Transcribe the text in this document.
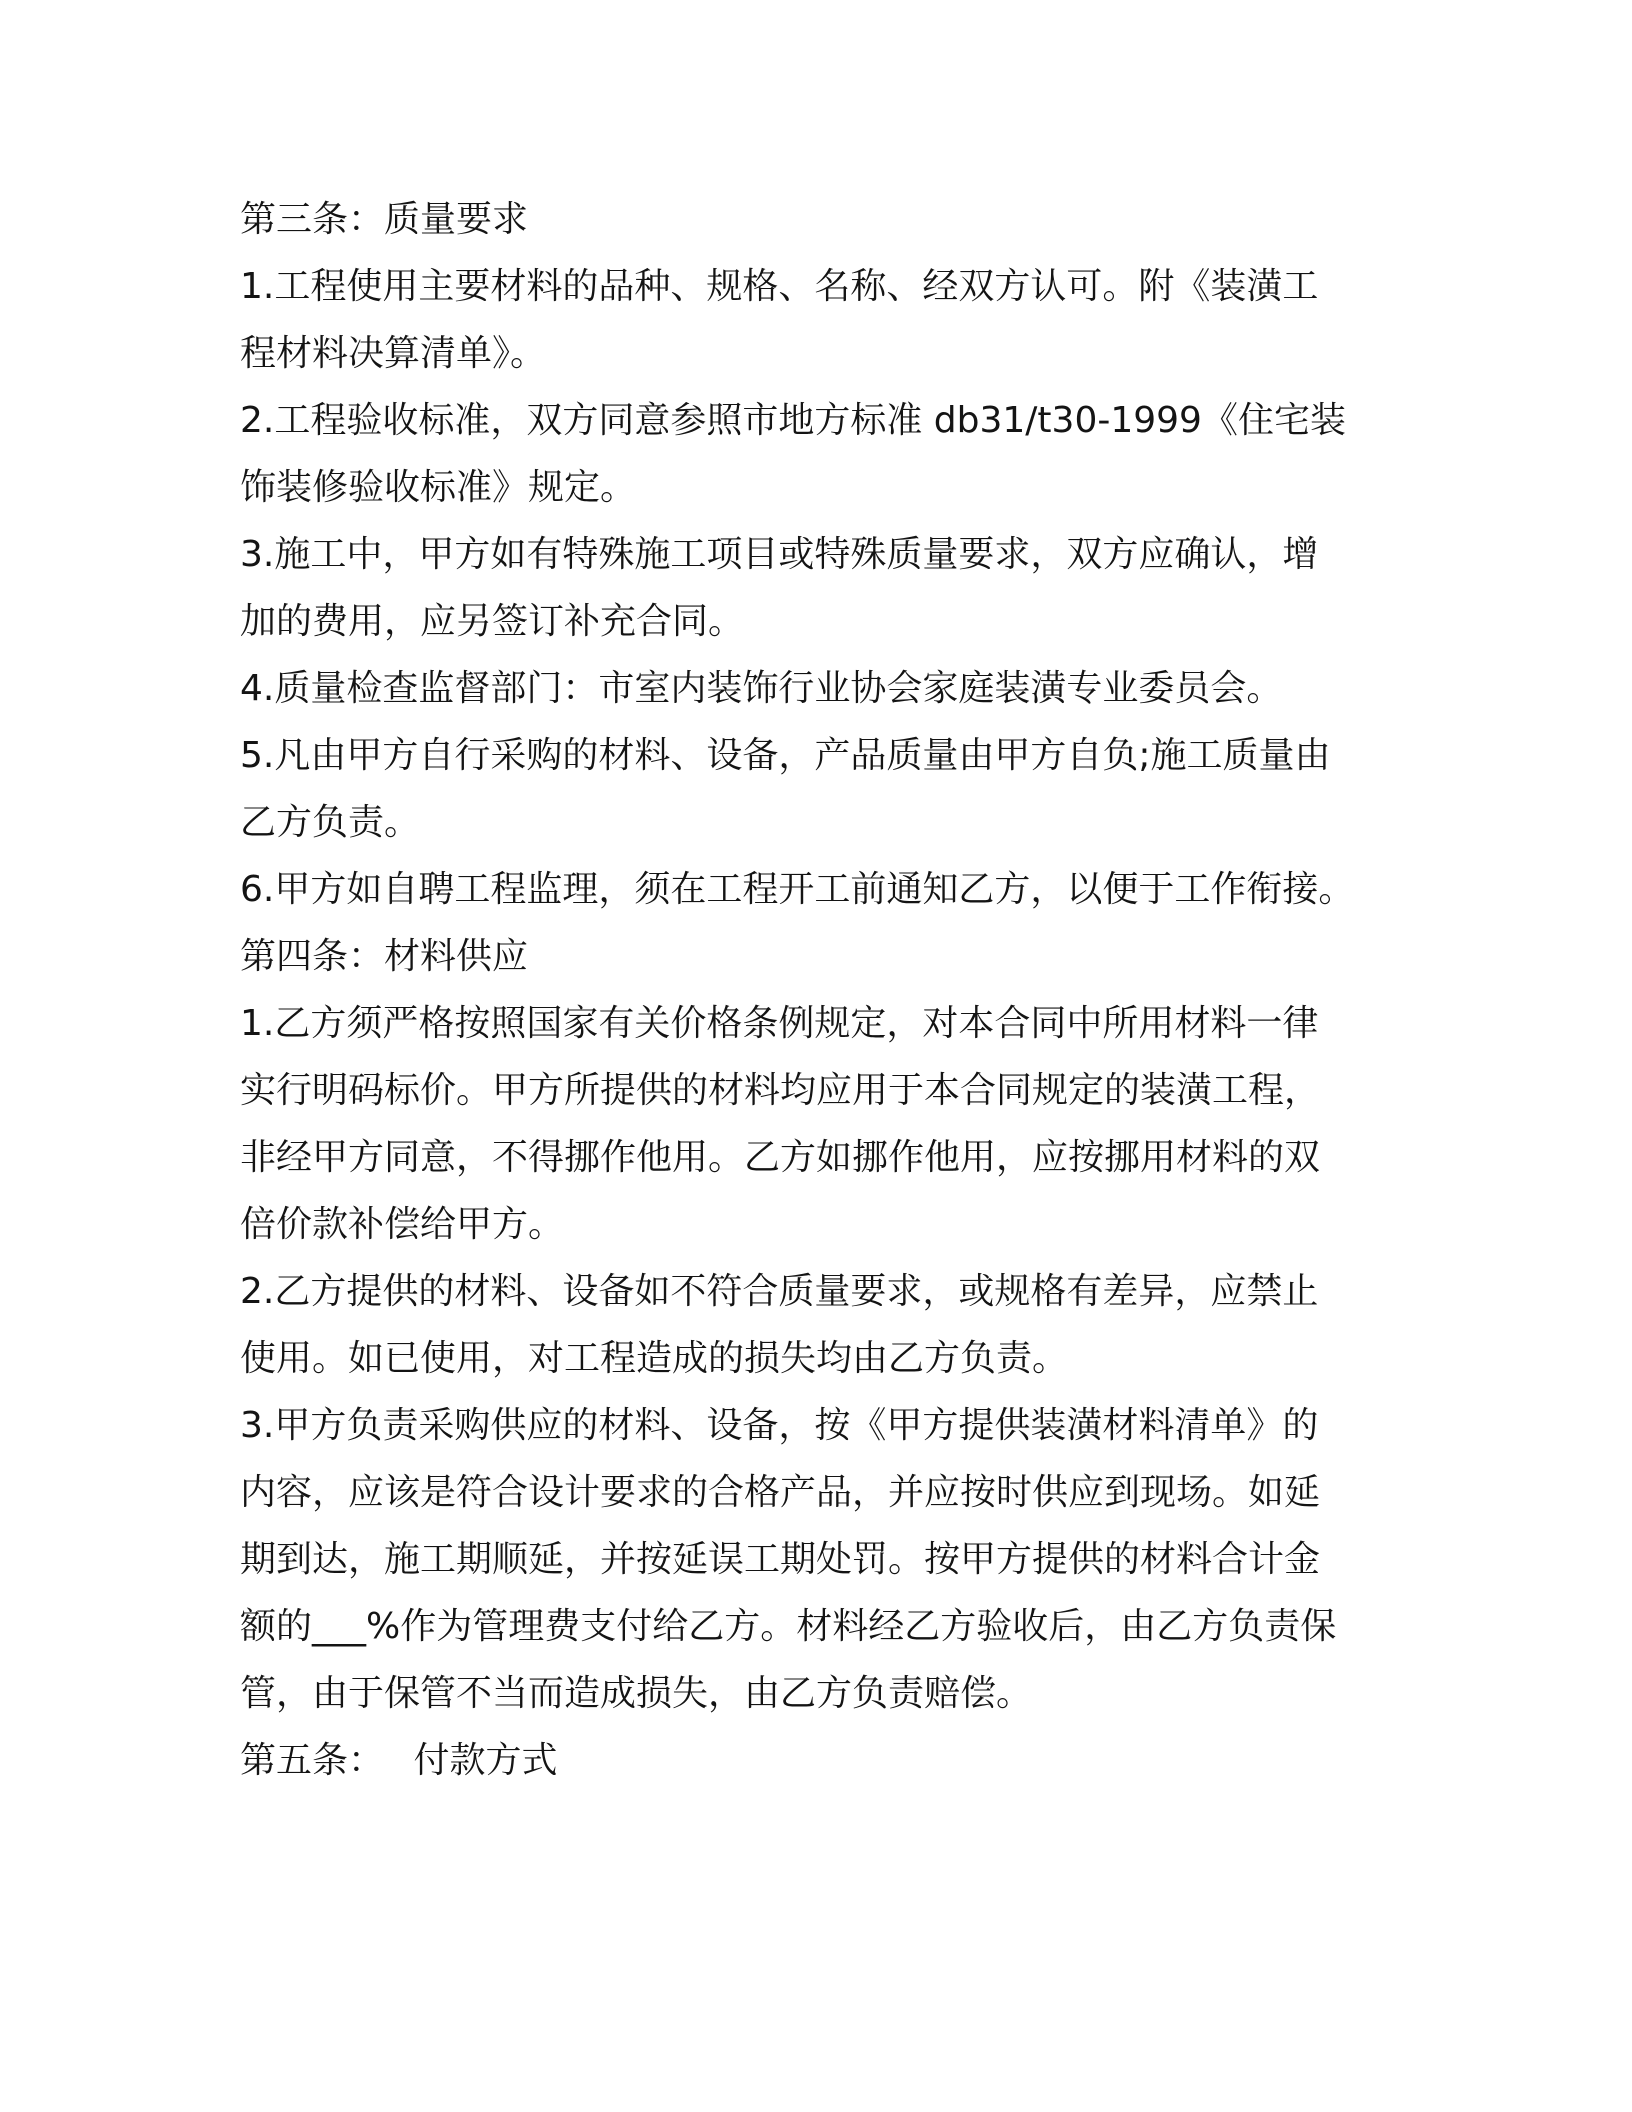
第三条：质量要求
1.工程使用主要材料的品种、规格、名称、经双方认可。附《装潢工
程材料决算清单》。
2.工程验收标准，双方同意参照市地方标准 db31/t30-1999《住宅装
饰装修验收标准》规定。
3.施工中，甲方如有特殊施工项目或特殊质量要求，双方应确认，增
加的费用，应另签订补充合同。
4.质量检查监督部门：市室内装饰行业协会家庭装潢专业委员会。
5.凡由甲方自行采购的材料、设备，产品质量由甲方自负;施工质量由
乙方负责。
6.甲方如自聘工程监理，须在工程开工前通知乙方，以便于工作衔接。
第四条：材料供应
1.乙方须严格按照国家有关价格条例规定，对本合同中所用材料一律
实行明码标价。甲方所提供的材料均应用于本合同规定的装潢工程，
非经甲方同意，不得挪作他用。乙方如挪作他用，应按挪用材料的双
倍价款补偿给甲方。
2.乙方提供的材料、设备如不符合质量要求，或规格有差异，应禁止
使用。如已使用，对工程造成的损失均由乙方负责。
3.甲方负责采购供应的材料、设备，按《甲方提供装潢材料清单》的
内容，应该是符合设计要求的合格产品，并应按时供应到现场。如延
期到达，施工期顺延，并按延误工期处罚。按甲方提供的材料合计金
额的___%作为管理费支付给乙方。材料经乙方验收后，由乙方负责保
管，由于保管不当而造成损失，由乙方负责赔偿。
第五条：　 付款方式
